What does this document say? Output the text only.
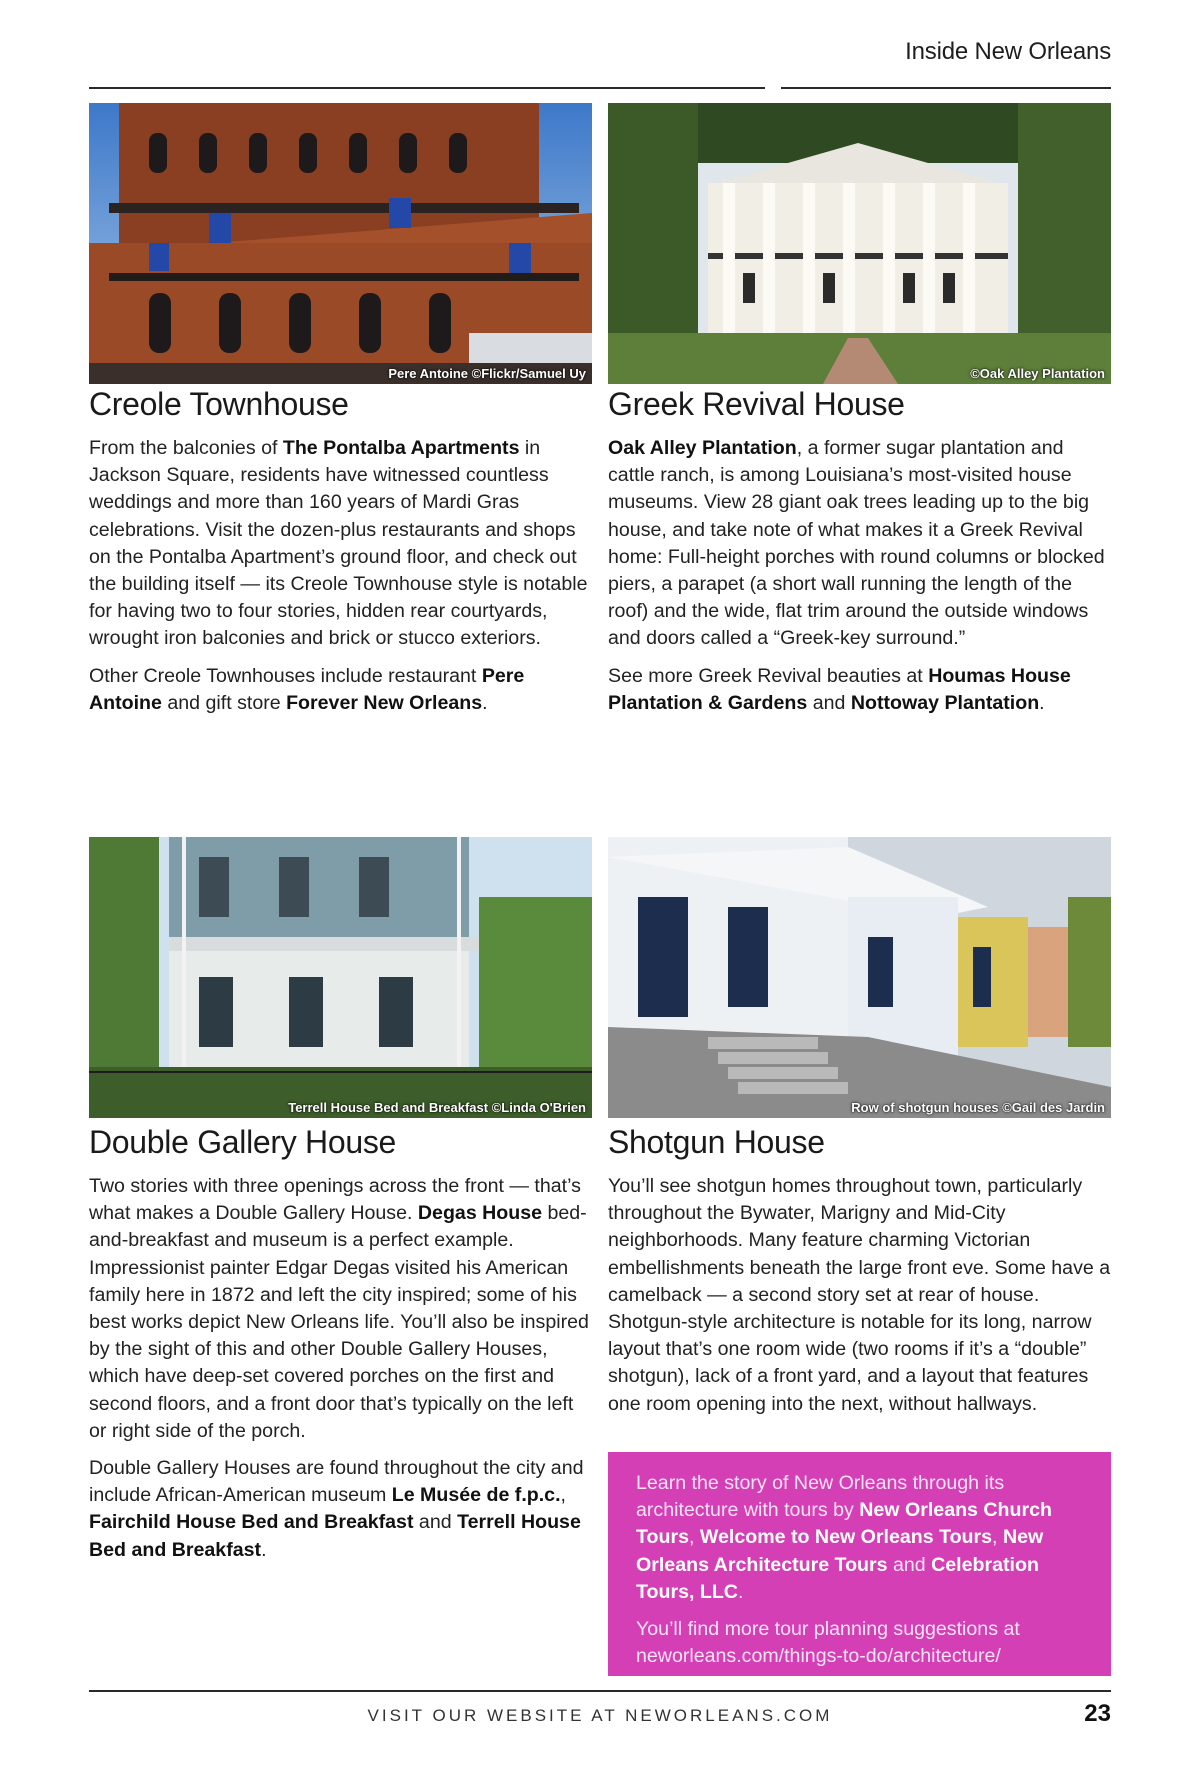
Inside New Orleans
Pere Antoine ©Flickr/Samuel Uy	©Oak Alley Plantation
Terrell House Bed and Breakfast ©Linda O'Brien	Row of shotgun houses ©Gail des Jardin
Creole Townhouse

From the balconies of The Pontalba Apartments in Jackson Square, residents have witnessed countless weddings and more than 160 years of Mardi Gras celebrations. Visit the dozen-plus restaurants and shops on the Pontalba Apartment’s ground floor, and check out the building itself — its Creole Townhouse style is notable for having two to four stories, hidden rear courtyards, wrought iron balconies and brick or stucco exteriors.

Other Creole Townhouses include restaurant Pere Antoine and gift store Forever New Orleans.

Greek Revival House

Oak Alley Plantation, a former sugar plantation and cattle ranch, is among Louisiana’s most-visited house museums. View 28 giant oak trees leading up to the big house, and take note of what makes it a Greek Revival home: Full-height porches with round columns or blocked piers, a parapet (a short wall running the length of the roof) and the wide, flat trim around the outside windows and doors called a “Greek-key surround.”

See more Greek Revival beauties at Houmas House Plantation & Gardens and Nottoway Plantation.

Double Gallery House

Two stories with three openings across the front — that’s what makes a Double Gallery House. Degas House bed-and-breakfast and museum is a perfect example. Impressionist painter Edgar Degas visited his American family here in 1872 and left the city inspired; some of his best works depict New Orleans life. You’ll also be inspired by the sight of this and other Double Gallery Houses, which have deep-set covered porches on the first and second floors, and a front door that’s typically on the left or right side of the porch.

Double Gallery Houses are found throughout the city and include African-American museum Le Musée de f.p.c., Fairchild House Bed and Breakfast and Terrell House Bed and Breakfast.

Shotgun House

You’ll see shotgun homes throughout town, particularly throughout the Bywater, Marigny and Mid-City neighborhoods. Many feature charming Victorian embellishments beneath the large front eve. Some have a camelback — a second story set at rear of house. Shotgun-style architecture is notable for its long, narrow layout that’s one room wide (two rooms if it’s a “double” shotgun), lack of a front yard, and a layout that features one room opening into the next, without hallways.

Learn the story of New Orleans through its architecture with tours by New Orleans Church Tours, Welcome to New Orleans Tours, New Orleans Architecture Tours and Celebration Tours, LLC.

You’ll find more tour planning suggestions at neworleans.com/things-to-do/architecture/

VISIT OUR WEBSITE AT NEWORLEANS.COM	23
